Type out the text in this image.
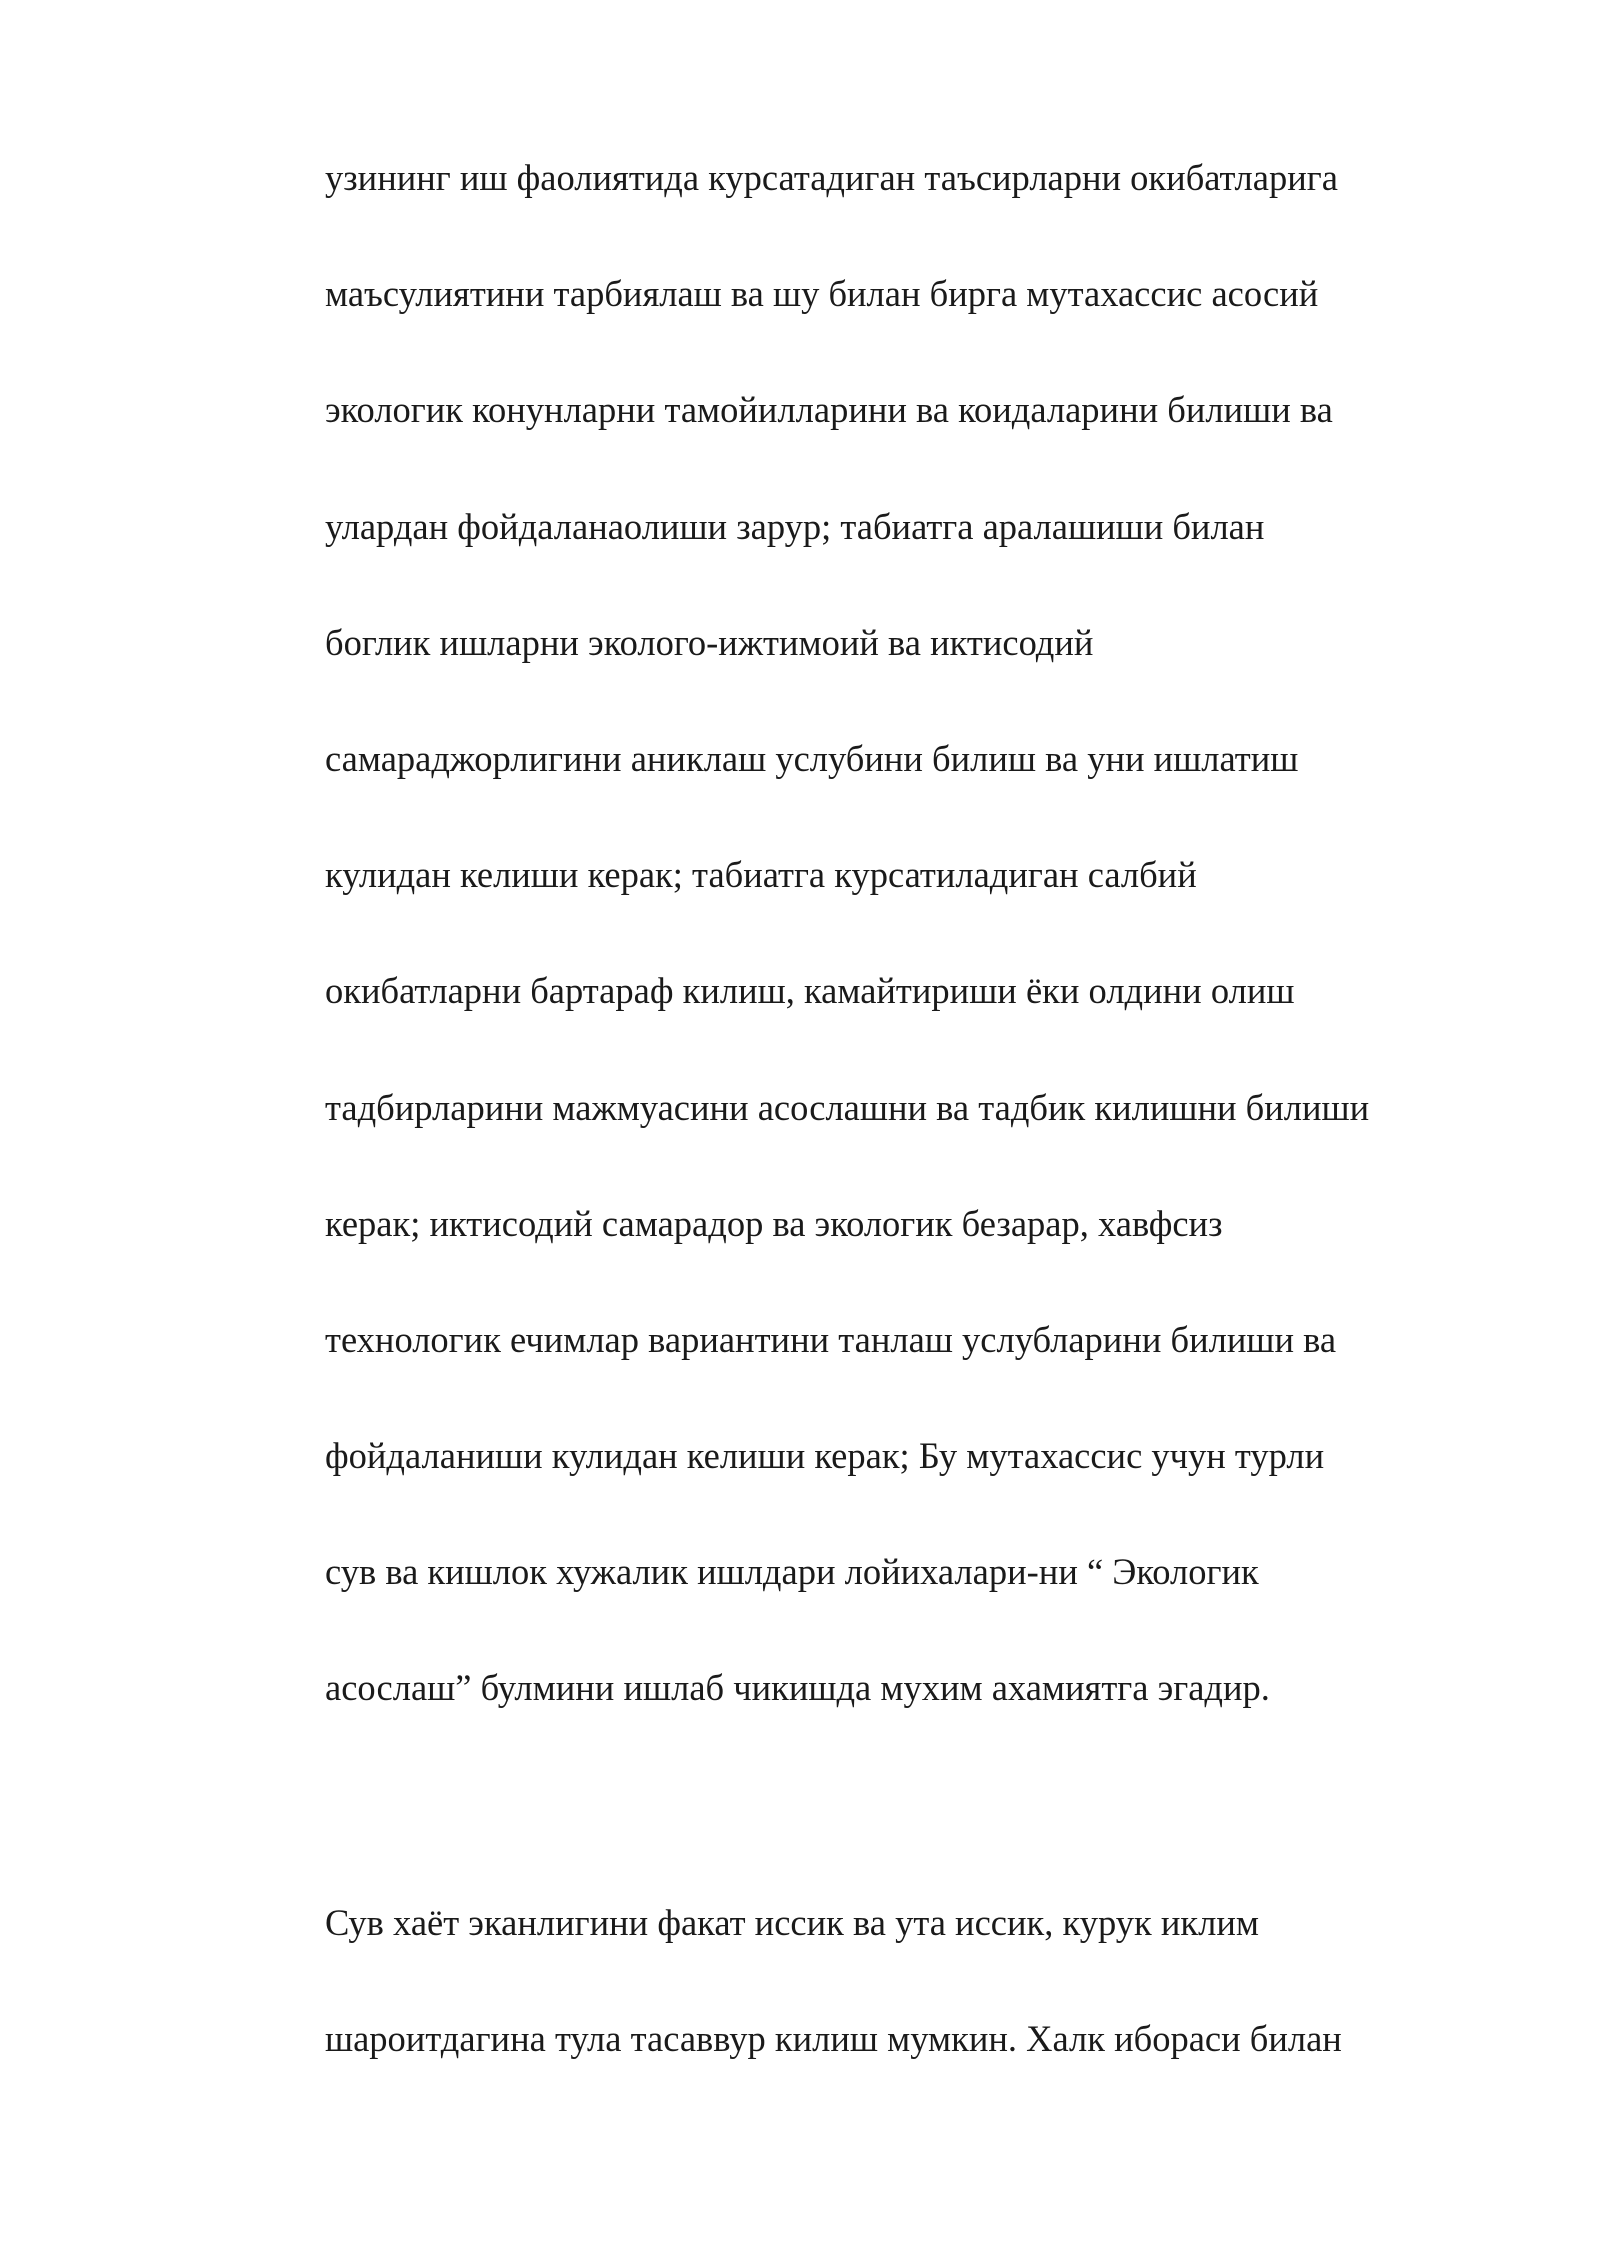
узининг иш фаолиятида курсатадиган таъсирларни окибатларига
маъсулиятини тарбиялаш ва шу билан бирга мутахассис асосий
экологик конунларни тамойилларини ва коидаларини билиши ва
улардан фойдаланаолиши зарур; табиатга аралашиши билан
боглик ишларни эколого-ижтимоий ва иктисодий
самараджорлигини аниклаш услубини билиш ва уни ишлатиш
кулидан келиши керак; табиатга курсатиладиган салбий
окибатларни бартараф килиш, камайтириши ёки олдини олиш
тадбирларини мажмуасини асослашни ва тадбик килишни билиши
керак; иктисодий самарадор ва экологик безарар, хавфсиз
технологик ечимлар вариантини танлаш услубларини билиши ва
фойдаланиши кулидан келиши керак; Бу мутахассис учун турли
сув ва кишлок хужалик ишлдари лойихалари-ни “ Экологик
асослаш” булмини ишлаб чикишда мухим ахамиятга эгадир.
Сув хаёт эканлигини факат иссик ва ута иссик, курук иклим
шароитдагина тула тасаввур килиш мумкин. Халк ибораси билан
